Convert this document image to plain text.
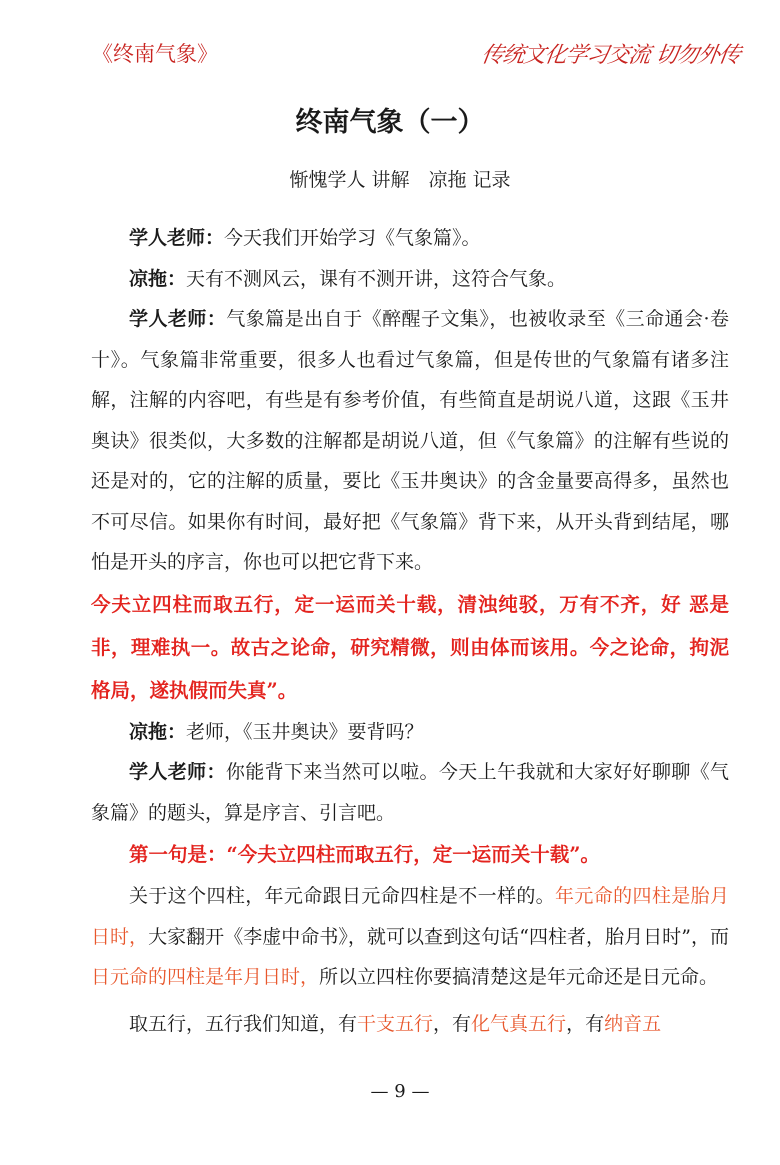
《终南气象》	传统文化学习交流 切勿外传
终南气象（一）
惭愧学人 讲解　凉拖 记录

学人老师：今天我们开始学习《气象篇》。

凉拖：天有不测风云，课有不测开讲，这符合气象。

学人老师：气象篇是出自于《醉醒子文集》，也被收录至《三命通会·卷十》。气象篇非常重要，很多人也看过气象篇，但是传世的气象篇有诸多注解，注解的内容吧，有些是有参考价值，有些简直是胡说八道，这跟《玉井奥诀》很类似，大多数的注解都是胡说八道，但《气象篇》的注解有些说的还是对的，它的注解的质量，要比《玉井奥诀》的含金量要高得多，虽然也不可尽信。如果你有时间，最好把《气象篇》背下来，从开头背到结尾，哪怕是开头的序言，你也可以把它背下来。

今夫立四柱而取五行，定一运而关十载，清浊纯驳，万有不齐，好 恶是非，理难执一。故古之论命，研究精微，则由体而该用。今之论命，拘泥格局，遂执假而失真”。

凉拖：老师，《玉井奥诀》要背吗？

学人老师：你能背下来当然可以啦。今天上午我就和大家好好聊聊《气象篇》的题头，算是序言、引言吧。

第一句是：“今夫立四柱而取五行，定一运而关十载”。

关于这个四柱，年元命跟日元命四柱是不一样的。年元命的四柱是胎月日时，大家翻开《李虚中命书》，就可以查到这句话“四柱者，胎月日时”，而日元命的四柱是年月日时，所以立四柱你要搞清楚这是年元命还是日元命。

取五行，五行我们知道，有干支五行，有化气真五行，有纳音五

— 9 —
